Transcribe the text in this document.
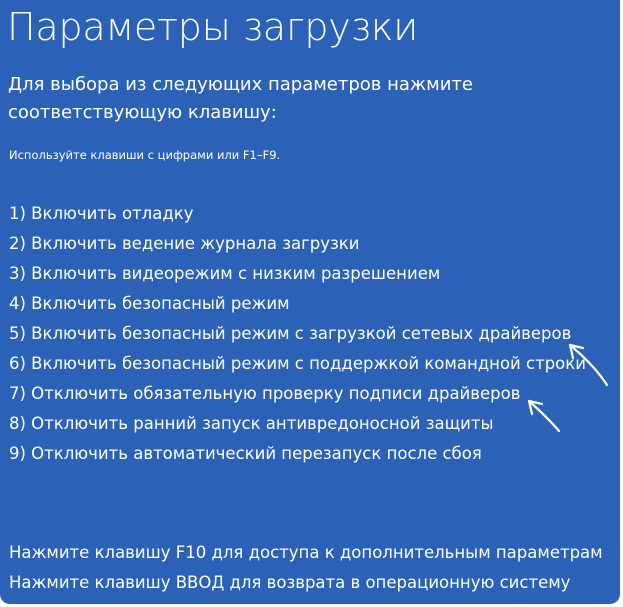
Параметры загрузки
Для выбора из следующих параметров нажмите соответствующую клавишу:
Используйте клавиши с цифрами или F1–F9.
1) Включить отладку
2) Включить ведение журнала загрузки
3) Включить видеорежим с низким разрешением
4) Включить безопасный режим
5) Включить безопасный режим с загрузкой сетевых драйверов
6) Включить безопасный режим с поддержкой командной строки
7) Отключить обязательную проверку подписи драйверов
8) Отключить ранний запуск антивредоносной защиты
9) Отключить автоматический перезапуск после сбоя
Нажмите клавишу F10 для доступа к дополнительным параметрам
Нажмите клавишу ВВОД для возврата в операционную систему
